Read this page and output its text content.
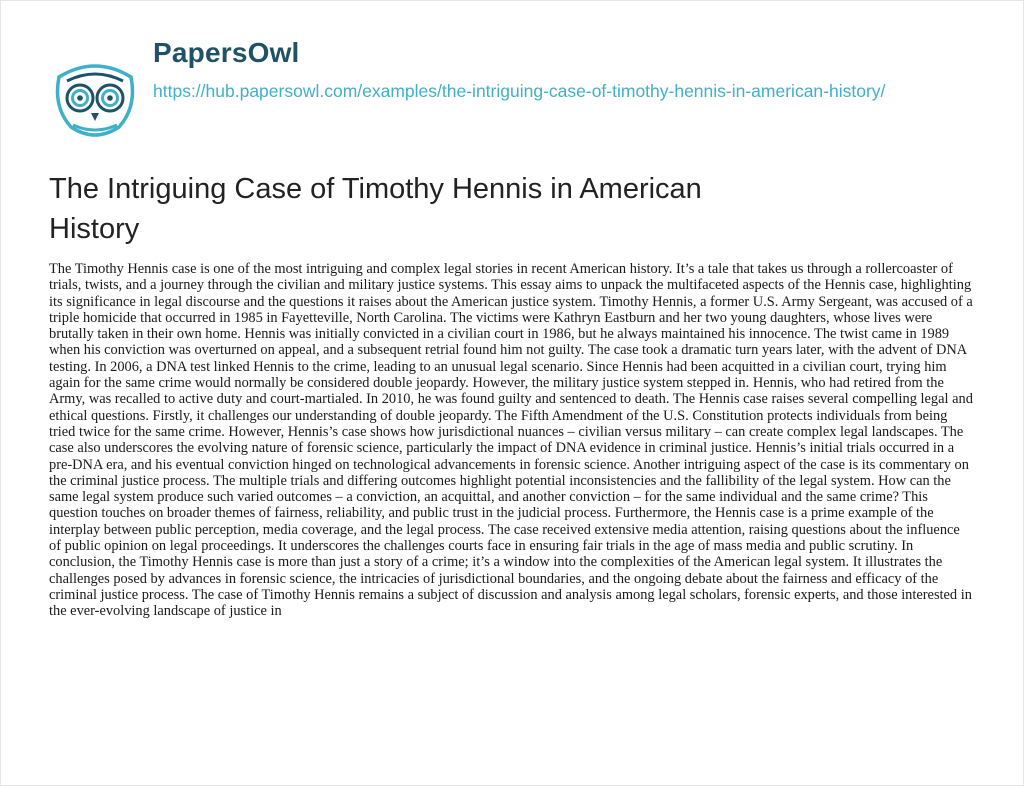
PapersOwl
https://hub.papersowl.com/examples/the-intriguing-case-of-timothy-hennis-in-american-history/
The Intriguing Case of Timothy Hennis in American History

The Timothy Hennis case is one of the most intriguing and complex legal stories in recent American history. It’s a tale that takes us through a rollercoaster of trials, twists, and a journey through the civilian and military justice systems. This essay aims to unpack the multifaceted aspects of the Hennis case, highlighting its significance in legal discourse and the questions it raises about the American justice system. Timothy Hennis, a former U.S. Army Sergeant, was accused of a triple homicide that occurred in 1985 in Fayetteville, North Carolina. The victims were Kathryn Eastburn and her two young daughters, whose lives were brutally taken in their own home. Hennis was initially convicted in a civilian court in 1986, but he always maintained his innocence. The twist came in 1989 when his conviction was overturned on appeal, and a subsequent retrial found him not guilty. The case took a dramatic turn years later, with the advent of DNA testing. In 2006, a DNA test linked Hennis to the crime, leading to an unusual legal scenario. Since Hennis had been acquitted in a civilian court, trying him again for the same crime would normally be considered double jeopardy. However, the military justice system stepped in. Hennis, who had retired from the Army, was recalled to active duty and court-martialed. In 2010, he was found guilty and sentenced to death. The Hennis case raises several compelling legal and ethical questions. Firstly, it challenges our understanding of double jeopardy. The Fifth Amendment of the U.S. Constitution protects individuals from being tried twice for the same crime. However, Hennis’s case shows how jurisdictional nuances – civilian versus military – can create complex legal landscapes. The case also underscores the evolving nature of forensic science, particularly the impact of DNA evidence in criminal justice. Hennis’s initial trials occurred in a pre-DNA era, and his eventual conviction hinged on technological advancements in forensic science. Another intriguing aspect of the case is its commentary on the criminal justice process. The multiple trials and differing outcomes highlight potential inconsistencies and the fallibility of the legal system. How can the same legal system produce such varied outcomes – a conviction, an acquittal, and another conviction – for the same individual and the same crime? This question touches on broader themes of fairness, reliability, and public trust in the judicial process. Furthermore, the Hennis case is a prime example of the interplay between public perception, media coverage, and the legal process. The case received extensive media attention, raising questions about the influence of public opinion on legal proceedings. It underscores the challenges courts face in ensuring fair trials in the age of mass media and public scrutiny. In conclusion, the Timothy Hennis case is more than just a story of a crime; it’s a window into the complexities of the American legal system. It illustrates the challenges posed by advances in forensic science, the intricacies of jurisdictional boundaries, and the ongoing debate about the fairness and efficacy of the criminal justice process. The case of Timothy Hennis remains a subject of discussion and analysis among legal scholars, forensic experts, and those interested in the ever-evolving landscape of justice in
